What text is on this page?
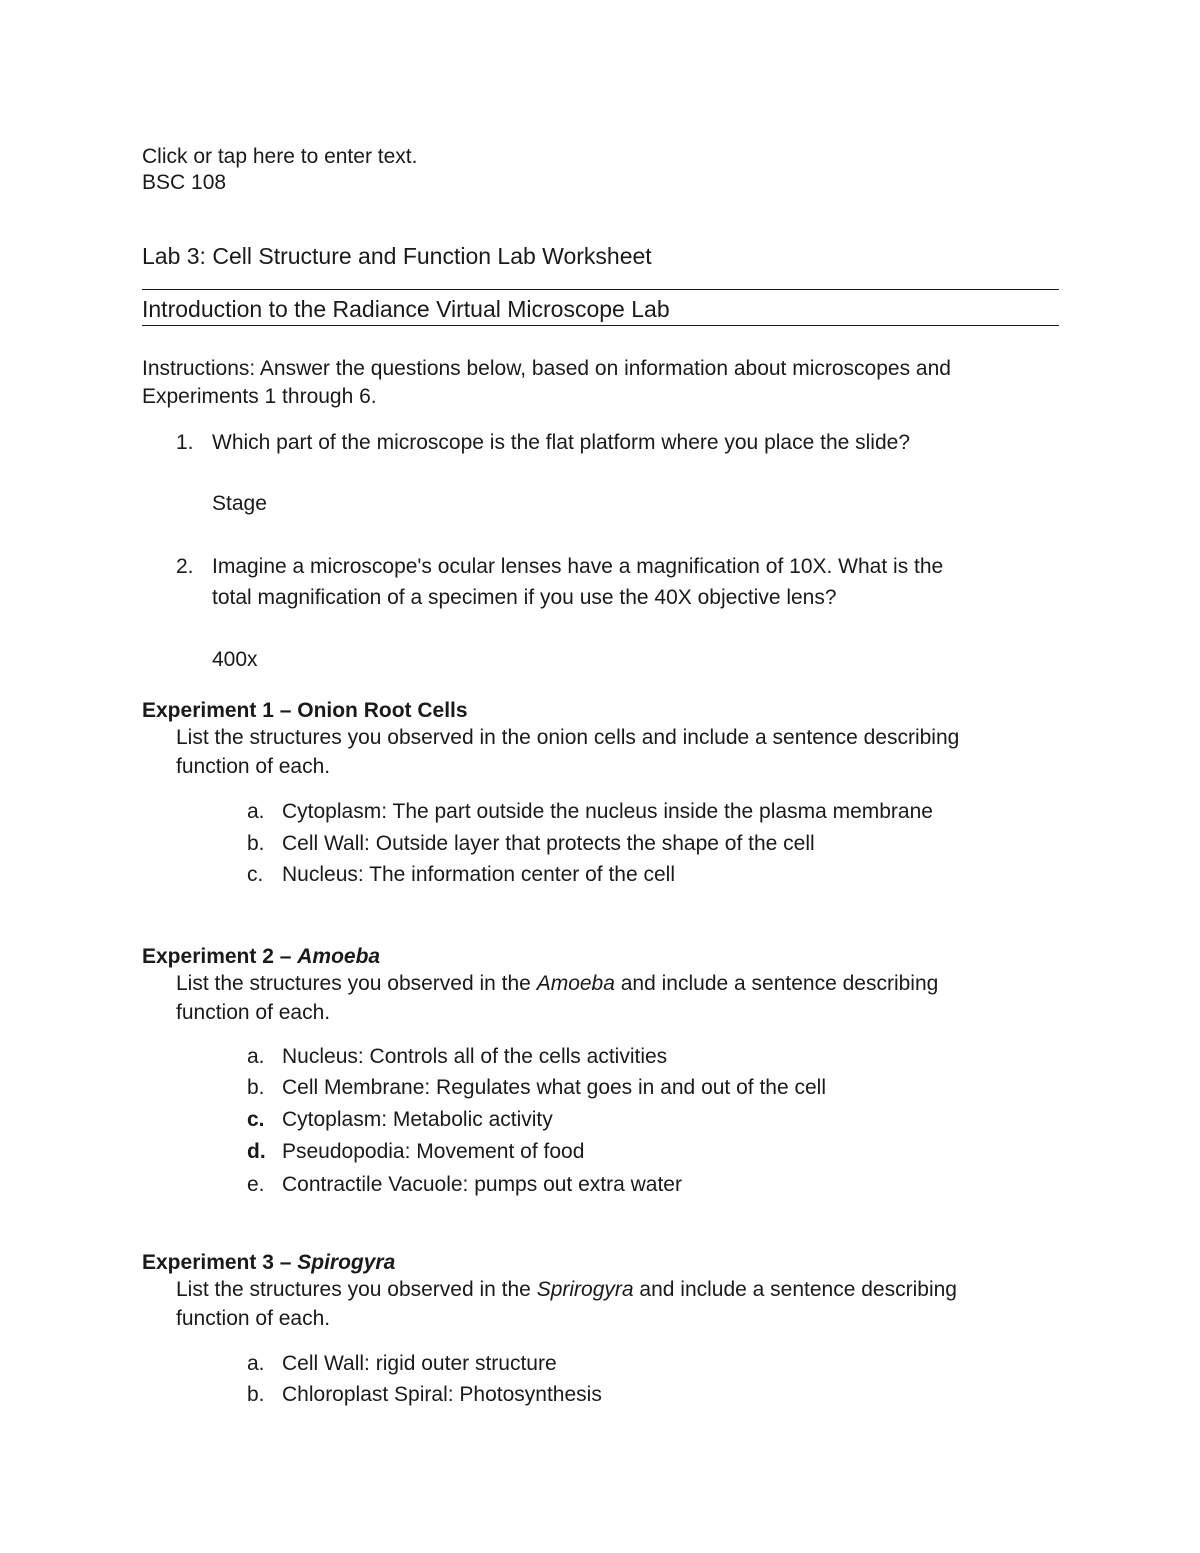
Click or tap here to enter text.
BSC 108
Lab 3: Cell Structure and Function Lab Worksheet
Introduction to the Radiance Virtual Microscope Lab
Instructions: Answer the questions below, based on information about microscopes and
Experiments 1 through 6.
1. Which part of the microscope is the flat platform where you place the slide?
Stage
2. Imagine a microscope's ocular lenses have a magnification of 10X. What is the
total magnification of a specimen if you use the 40X objective lens?
400x
Experiment 1 – Onion Root Cells
List the structures you observed in the onion cells and include a sentence describing
function of each.
a. Cytoplasm: The part outside the nucleus inside the plasma membrane
b. Cell Wall: Outside layer that protects the shape of the cell
c. Nucleus: The information center of the cell
Experiment 2 – Amoeba
List the structures you observed in the Amoeba and include a sentence describing
function of each.
a. Nucleus: Controls all of the cells activities
b. Cell Membrane: Regulates what goes in and out of the cell
c. Cytoplasm: Metabolic activity
d. Pseudopodia: Movement of food
e. Contractile Vacuole: pumps out extra water
Experiment 3 – Spirogyra
List the structures you observed in the Sprirogyra and include a sentence describing
function of each.
a. Cell Wall: rigid outer structure
b. Chloroplast Spiral: Photosynthesis
